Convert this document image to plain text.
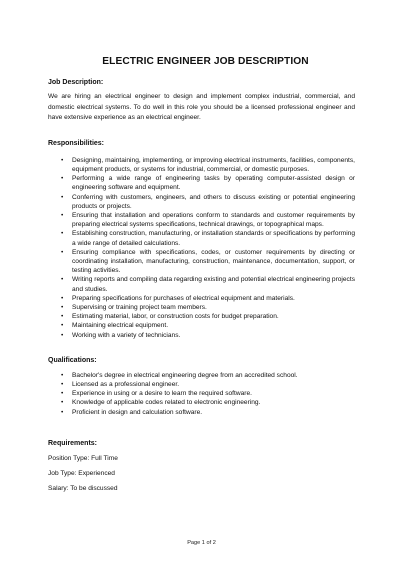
ELECTRIC ENGINEER JOB DESCRIPTION
Job Description:

We are hiring an electrical engineer to design and implement complex industrial, commercial, and domestic electrical systems. To do well in this role you should be a licensed professional engineer and have extensive experience as an electrical engineer.

Responsibilities:
• Designing, maintaining, implementing, or improving electrical instruments, facilities, components, equipment products, or systems for industrial, commercial, or domestic purposes.
• Performing a wide range of engineering tasks by operating computer-assisted design or engineering software and equipment.
• Conferring with customers, engineers, and others to discuss existing or potential engineering products or projects.
• Ensuring that installation and operations conform to standards and customer requirements by preparing electrical systems specifications, technical drawings, or topographical maps.
• Establishing construction, manufacturing, or installation standards or specifications by performing a wide range of detailed calculations.
• Ensuring compliance with specifications, codes, or customer requirements by directing or coordinating installation, manufacturing, construction, maintenance, documentation, support, or testing activities.
• Writing reports and compiling data regarding existing and potential electrical engineering projects and studies.
• Preparing specifications for purchases of electrical equipment and materials.
• Supervising or training project team members.
• Estimating material, labor, or construction costs for budget preparation.
• Maintaining electrical equipment.
• Working with a variety of technicians.
Qualifications:
• Bachelor's degree in electrical engineering degree from an accredited school.
• Licensed as a professional engineer.
• Experience in using or a desire to learn the required software.
• Knowledge of applicable codes related to electronic engineering.
• Proficient in design and calculation software.
Requirements:

Position Type: Full Time

Job Type: Experienced

Salary: To be discussed

Page 1 of 2
